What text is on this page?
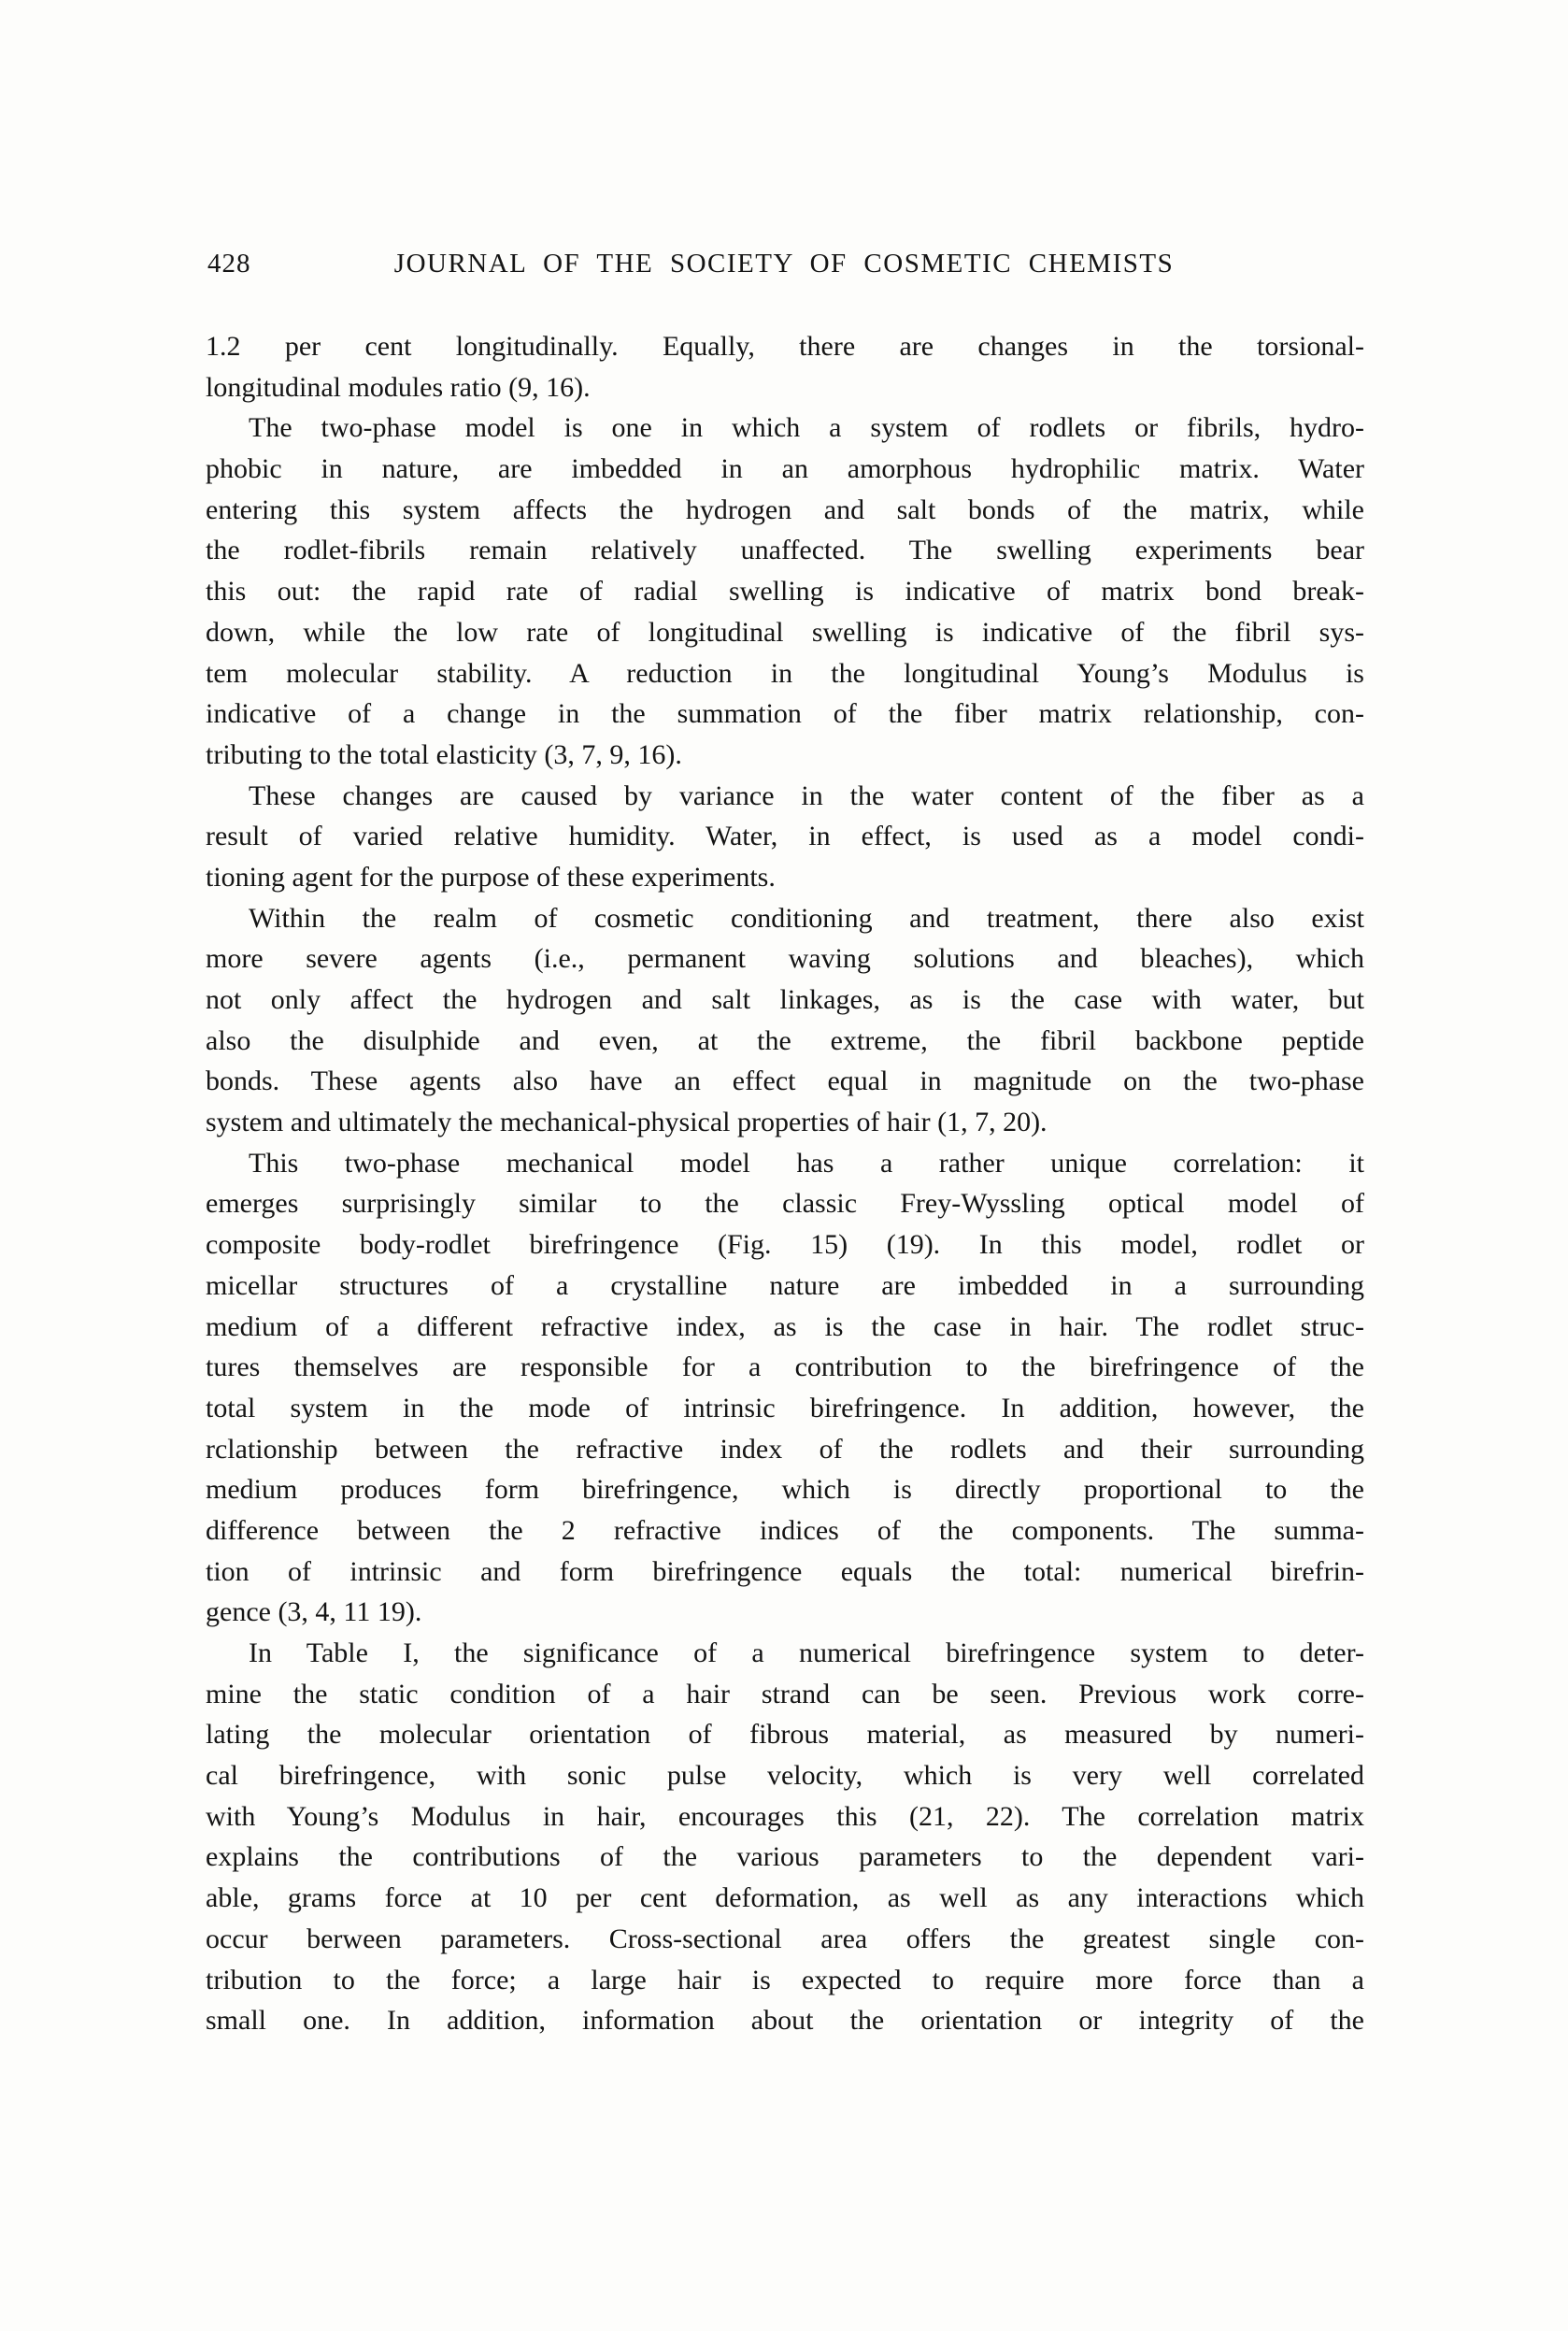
428	JOURNAL OF THE SOCIETY OF COSMETIC CHEMISTS
1.2 per cent longitudinally. Equally, there are changes in the torsional-
longitudinal modules ratio (9, 16).
The two-phase model is one in which a system of rodlets or fibrils, hydro-
phobic in nature, are imbedded in an amorphous hydrophilic matrix. Water
entering this system affects the hydrogen and salt bonds of the matrix, while
the rodlet-fibrils remain relatively unaffected. The swelling experiments bear
this out: the rapid rate of radial swelling is indicative of matrix bond break-
down, while the low rate of longitudinal swelling is indicative of the fibril sys-
tem molecular stability. A reduction in the longitudinal Young’s Modulus is
indicative of a change in the summation of the fiber matrix relationship, con-
tributing to the total elasticity (3, 7, 9, 16).
These changes are caused by variance in the water content of the fiber as a
result of varied relative humidity. Water, in effect, is used as a model condi-
tioning agent for the purpose of these experiments.
Within the realm of cosmetic conditioning and treatment, there also exist
more severe agents (i.e., permanent waving solutions and bleaches), which
not only affect the hydrogen and salt linkages, as is the case with water, but
also the disulphide and even, at the extreme, the fibril backbone peptide
bonds. These agents also have an effect equal in magnitude on the two-phase
system and ultimately the mechanical-physical properties of hair (1, 7, 20).
This two-phase mechanical model has a rather unique correlation: it
emerges surprisingly similar to the classic Frey-Wyssling optical model of
composite body-rodlet birefringence (Fig. 15) (19). In this model, rodlet or
micellar structures of a crystalline nature are imbedded in a surrounding
medium of a different refractive index, as is the case in hair. The rodlet struc-
tures themselves are responsible for a contribution to the birefringence of the
total system in the mode of intrinsic birefringence. In addition, however, the
rclationship between the refractive index of the rodlets and their surrounding
medium produces form birefringence, which is directly proportional to the
difference between the 2 refractive indices of the components. The summa-
tion of intrinsic and form birefringence equals the total: numerical birefrin-
gence (3, 4, 11 19).
In Table I, the significance of a numerical birefringence system to deter-
mine the static condition of a hair strand can be seen. Previous work corre-
lating the molecular orientation of fibrous material, as measured by numeri-
cal birefringence, with sonic pulse velocity, which is very well correlated
with Young’s Modulus in hair, encourages this (21, 22). The correlation matrix
explains the contributions of the various parameters to the dependent vari-
able, grams force at 10 per cent deformation, as well as any interactions which
occur berween parameters. Cross-sectional area offers the greatest single con-
tribution to the force; a large hair is expected to require more force than a
small one. In addition, information about the orientation or integrity of the
